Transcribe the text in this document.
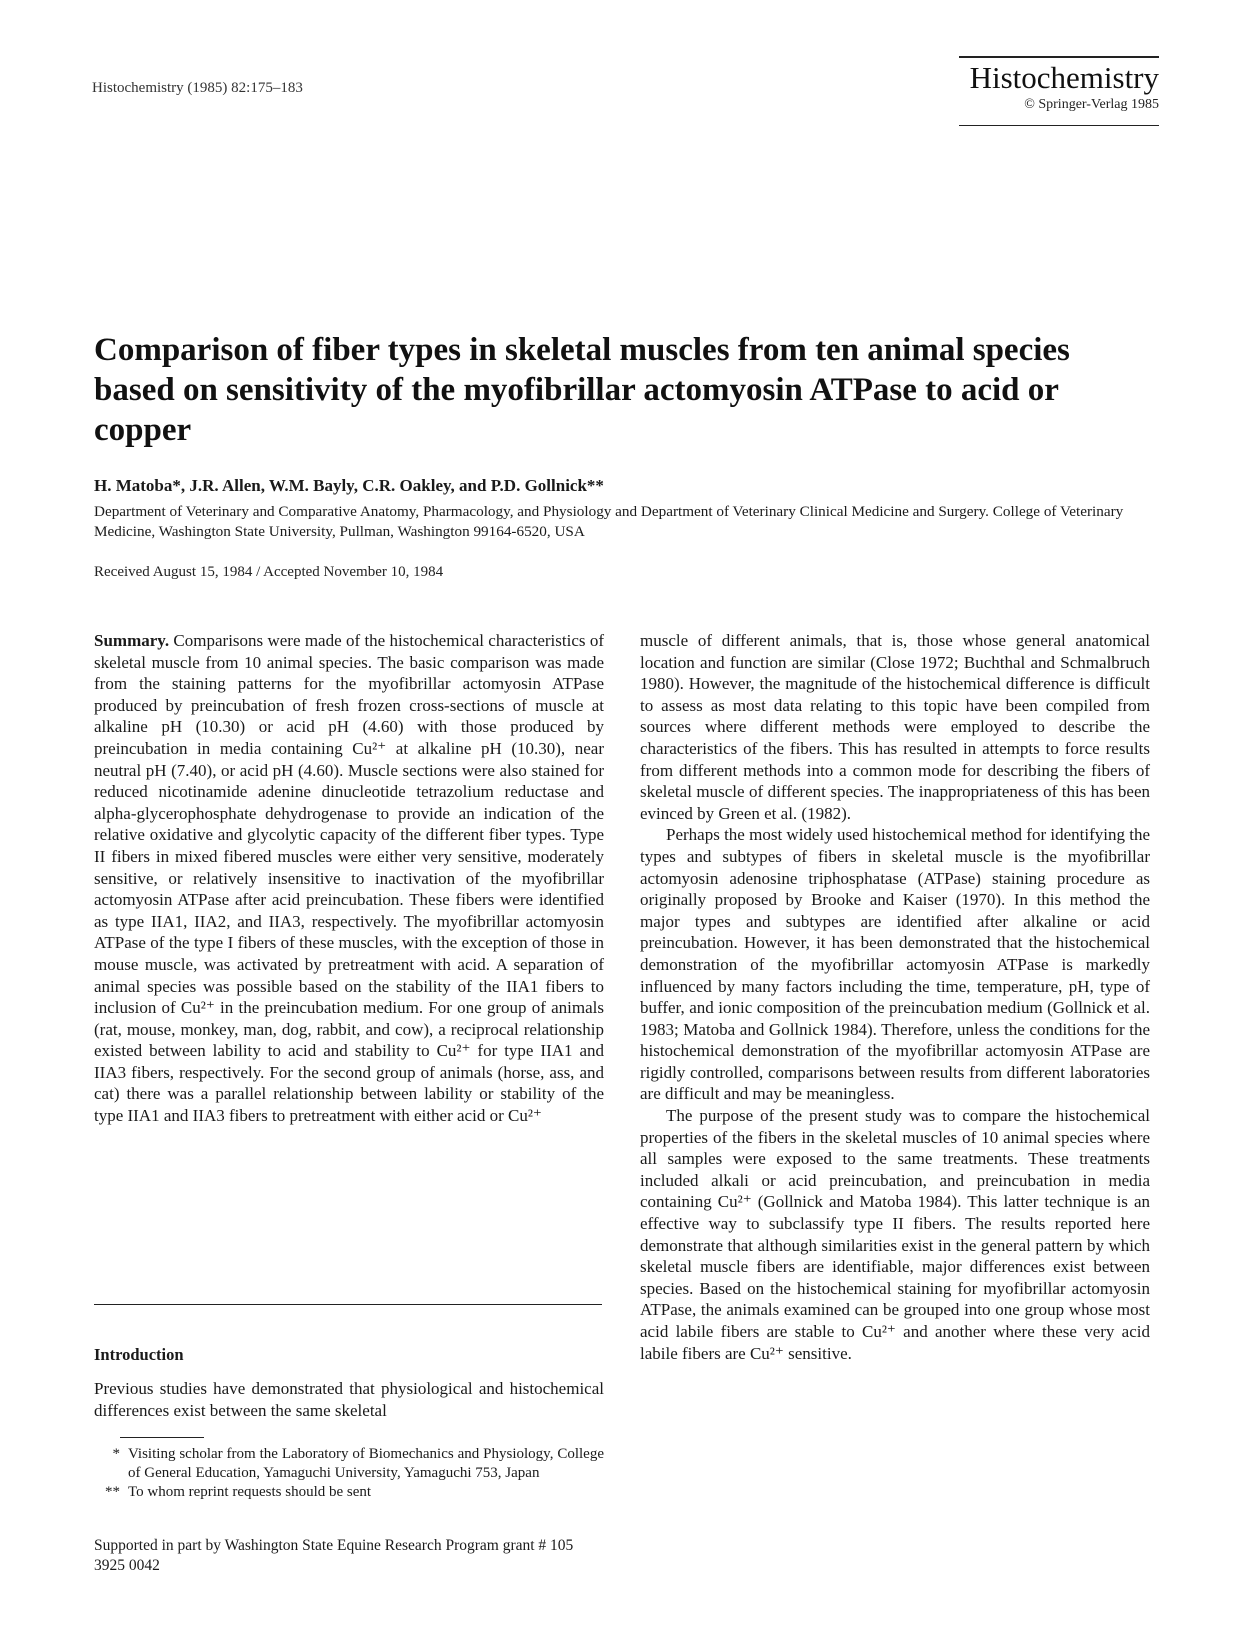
Histochemistry (1985) 82:175–183	Histochemistry
© Springer-Verlag 1985
Comparison of fiber types in skeletal muscles from ten animal species based on sensitivity of the myofibrillar actomyosin ATPase to acid or copper
H. Matoba*, J.R. Allen, W.M. Bayly, C.R. Oakley, and P.D. Gollnick**
Department of Veterinary and Comparative Anatomy, Pharmacology, and Physiology and Department of Veterinary Clinical Medicine and Surgery. College of Veterinary Medicine, Washington State University, Pullman, Washington 99164-6520, USA
Received August 15, 1984 / Accepted November 10, 1984

Summary. Comparisons were made of the histochemical characteristics of skeletal muscle from 10 animal species. The basic comparison was made from the staining patterns for the myofibrillar actomyosin ATPase produced by preincubation of fresh frozen cross-sections of muscle at alkaline pH (10.30) or acid pH (4.60) with those produced by preincubation in media containing Cu²⁺ at alkaline pH (10.30), near neutral pH (7.40), or acid pH (4.60). Muscle sections were also stained for reduced nicotinamide adenine dinucleotide tetrazolium reductase and alpha-glycerophosphate dehydrogenase to provide an indication of the relative oxidative and glycolytic capacity of the different fiber types. Type II fibers in mixed fibered muscles were either very sensitive, moderately sensitive, or relatively insensitive to inactivation of the myofibrillar actomyosin ATPase after acid preincubation. These fibers were identified as type IIA1, IIA2, and IIA3, respectively. The myofibrillar actomyosin ATPase of the type I fibers of these muscles, with the exception of those in mouse muscle, was activated by pretreatment with acid. A separation of animal species was possible based on the stability of the IIA1 fibers to inclusion of Cu²⁺ in the preincubation medium. For one group of animals (rat, mouse, monkey, man, dog, rabbit, and cow), a reciprocal relationship existed between lability to acid and stability to Cu²⁺ for type IIA1 and IIA3 fibers, respectively. For the second group of animals (horse, ass, and cat) there was a parallel relationship between lability or stability of the type IIA1 and IIA3 fibers to pretreatment with either acid or Cu²⁺

Introduction

Previous studies have demonstrated that physiological and histochemical differences exist between the same skeletal

* Visiting scholar from the Laboratory of Biomechanics and Physiology, College of General Education, Yamaguchi University, Yamaguchi 753, Japan

** To whom reprint requests should be sent

Supported in part by Washington State Equine Research Program grant # 105 3925 0042

muscle of different animals, that is, those whose general anatomical location and function are similar (Close 1972; Buchthal and Schmalbruch 1980). However, the magnitude of the histochemical difference is difficult to assess as most data relating to this topic have been compiled from sources where different methods were employed to describe the characteristics of the fibers. This has resulted in attempts to force results from different methods into a common mode for describing the fibers of skeletal muscle of different species. The inappropriateness of this has been evinced by Green et al. (1982).

Perhaps the most widely used histochemical method for identifying the types and subtypes of fibers in skeletal muscle is the myofibrillar actomyosin adenosine triphosphatase (ATPase) staining procedure as originally proposed by Brooke and Kaiser (1970). In this method the major types and subtypes are identified after alkaline or acid preincubation. However, it has been demonstrated that the histochemical demonstration of the myofibrillar actomyosin ATPase is markedly influenced by many factors including the time, temperature, pH, type of buffer, and ionic composition of the preincubation medium (Gollnick et al. 1983; Matoba and Gollnick 1984). Therefore, unless the conditions for the histochemical demonstration of the myofibrillar actomyosin ATPase are rigidly controlled, comparisons between results from different laboratories are difficult and may be meaningless.

The purpose of the present study was to compare the histochemical properties of the fibers in the skeletal muscles of 10 animal species where all samples were exposed to the same treatments. These treatments included alkali or acid preincubation, and preincubation in media containing Cu²⁺ (Gollnick and Matoba 1984). This latter technique is an effective way to subclassify type II fibers. The results reported here demonstrate that although similarities exist in the general pattern by which skeletal muscle fibers are identifiable, major differences exist between species. Based on the histochemical staining for myofibrillar actomyosin ATPase, the animals examined can be grouped into one group whose most acid labile fibers are stable to Cu²⁺ and another where these very acid labile fibers are Cu²⁺ sensitive.
